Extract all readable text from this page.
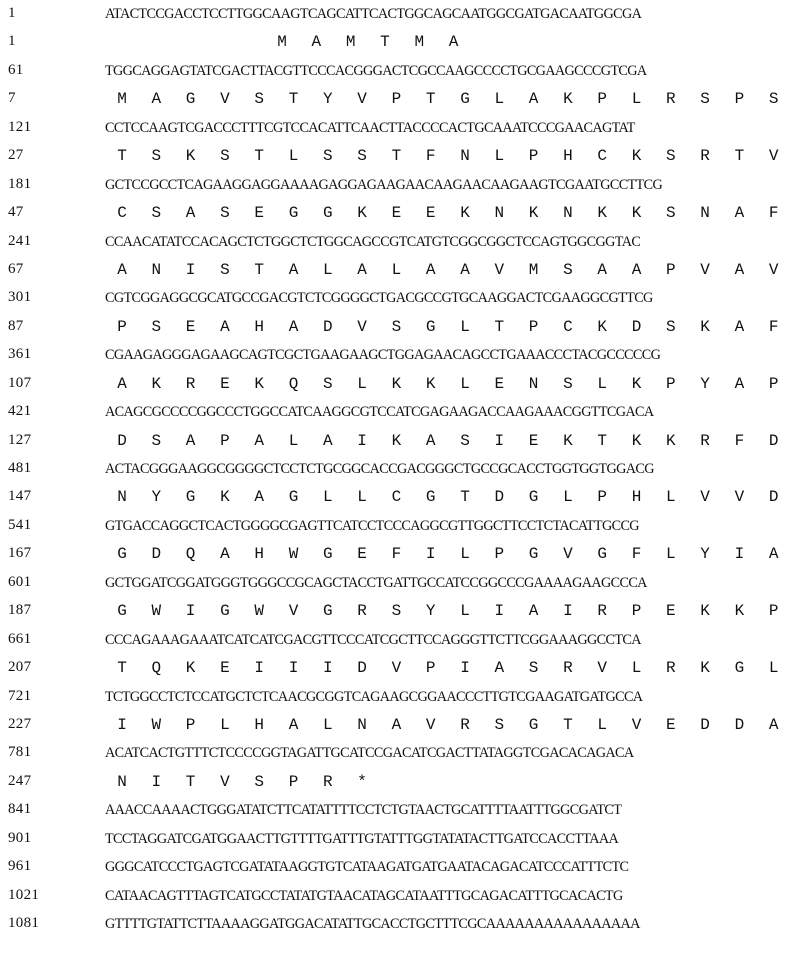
1	ATACTCCGACCTCCTTGGCAAGTCAGCATTCACTGGCAGCAATGGCGATGACAATGGCGA
1	M	A	M	T	M	A
61	TGGCAGGAGTATCGACTTACGTTCCCACGGGACTCGCCAAGCCCCTGCGAAGCCCGTCGA
7	M	A	G	V	S	T	Y	V	P	T	G	L	A	K	P	L	R	S	P	S
121	CCTCCAAGTCGACCCTTTCGTCCACATTCAACTTACCCCACTGCAAATCCCGAACAGTAT
27	T	S	K	S	T	L	S	S	T	F	N	L	P	H	C	K	S	R	T	V
181	GCTCCGCCTCAGAAGGAGGAAAAGAGGAGAAGAACAAGAACAAGAAGTCGAATGCCTTCG
47	C	S	A	S	E	G	G	K	E	E	K	N	K	N	K	K	S	N	A	F
241	CCAACATATCCACAGCTCTGGCTCTGGCAGCCGTCATGTCGGCGGCTCCAGTGGCGGTAC
67	A	N	I	S	T	A	L	A	L	A	A	V	M	S	A	A	P	V	A	V
301	CGTCGGAGGCGCATGCCGACGTCTCGGGGCTGACGCCGTGCAAGGACTCGAAGGCGTTCG
87	P	S	E	A	H	A	D	V	S	G	L	T	P	C	K	D	S	K	A	F
361	CGAAGAGGGAGAAGCAGTCGCTGAAGAAGCTGGAGAACAGCCTGAAACCCTACGCCCCCG
107	A	K	R	E	K	Q	S	L	K	K	L	E	N	S	L	K	P	Y	A	P
421	ACAGCGCCCCGGCCCTGGCCATCAAGGCGTCCATCGAGAAGACCAAGAAACGGTTCGACA
127	D	S	A	P	A	L	A	I	K	A	S	I	E	K	T	K	K	R	F	D
481	ACTACGGGAAGGCGGGGCTCCTCTGCGGCACCGACGGGCTGCCGCACCTGGTGGTGGACG
147	N	Y	G	K	A	G	L	L	C	G	T	D	G	L	P	H	L	V	V	D
541	GTGACCAGGCTCACTGGGGCGAGTTCATCCTCCCAGGCGTTGGCTTCCTCTACATTGCCG
167	G	D	Q	A	H	W	G	E	F	I	L	P	G	V	G	F	L	Y	I	A
601	GCTGGATCGGATGGGTGGGCCGCAGCTACCTGATTGCCATCCGGCCCGAAAAGAAGCCCA
187	G	W	I	G	W	V	G	R	S	Y	L	I	A	I	R	P	E	K	K	P
661	CCCAGAAAGAAATCATCATCGACGTTCCCATCGCTTCCAGGGTTCTTCGGAAAGGCCTCA
207	T	Q	K	E	I	I	I	D	V	P	I	A	S	R	V	L	R	K	G	L
721	TCTGGCCTCTCCATGCTCTCAACGCGGTCAGAAGCGGAACCCTTGTCGAAGATGATGCCA
227	I	W	P	L	H	A	L	N	A	V	R	S	G	T	L	V	E	D	D	A
781	ACATCACTGTTTCTCCCCGGTAGATTGCATCCGACATCGACTTATAGGTCGACACAGACA
247	N	I	T	V	S	P	R	*
841	AAACCAAAACTGGGATATCTTCATATTTTCCTCTGTAACTGCATTTTAATTTGGCGATCT
901	TCCTAGGATCGATGGAACTTGTTTTGATTTGTATTTGGTATATACTTGATCCACCTTAAA
961	GGGCATCCCTGAGTCGATATAAGGTGTCATAAGATGATGAATACAGACATCCCATTTCTC
1021	CATAACAGTTTAGTCATGCCTATATGTAACATAGCATAATTTGCAGACATTTGCACACTG
1081	GTTTTGTATTCTTAAAAGGATGGACATATTGCACCTGCTTTCGCAAAAAAAAAAAAAAAA
